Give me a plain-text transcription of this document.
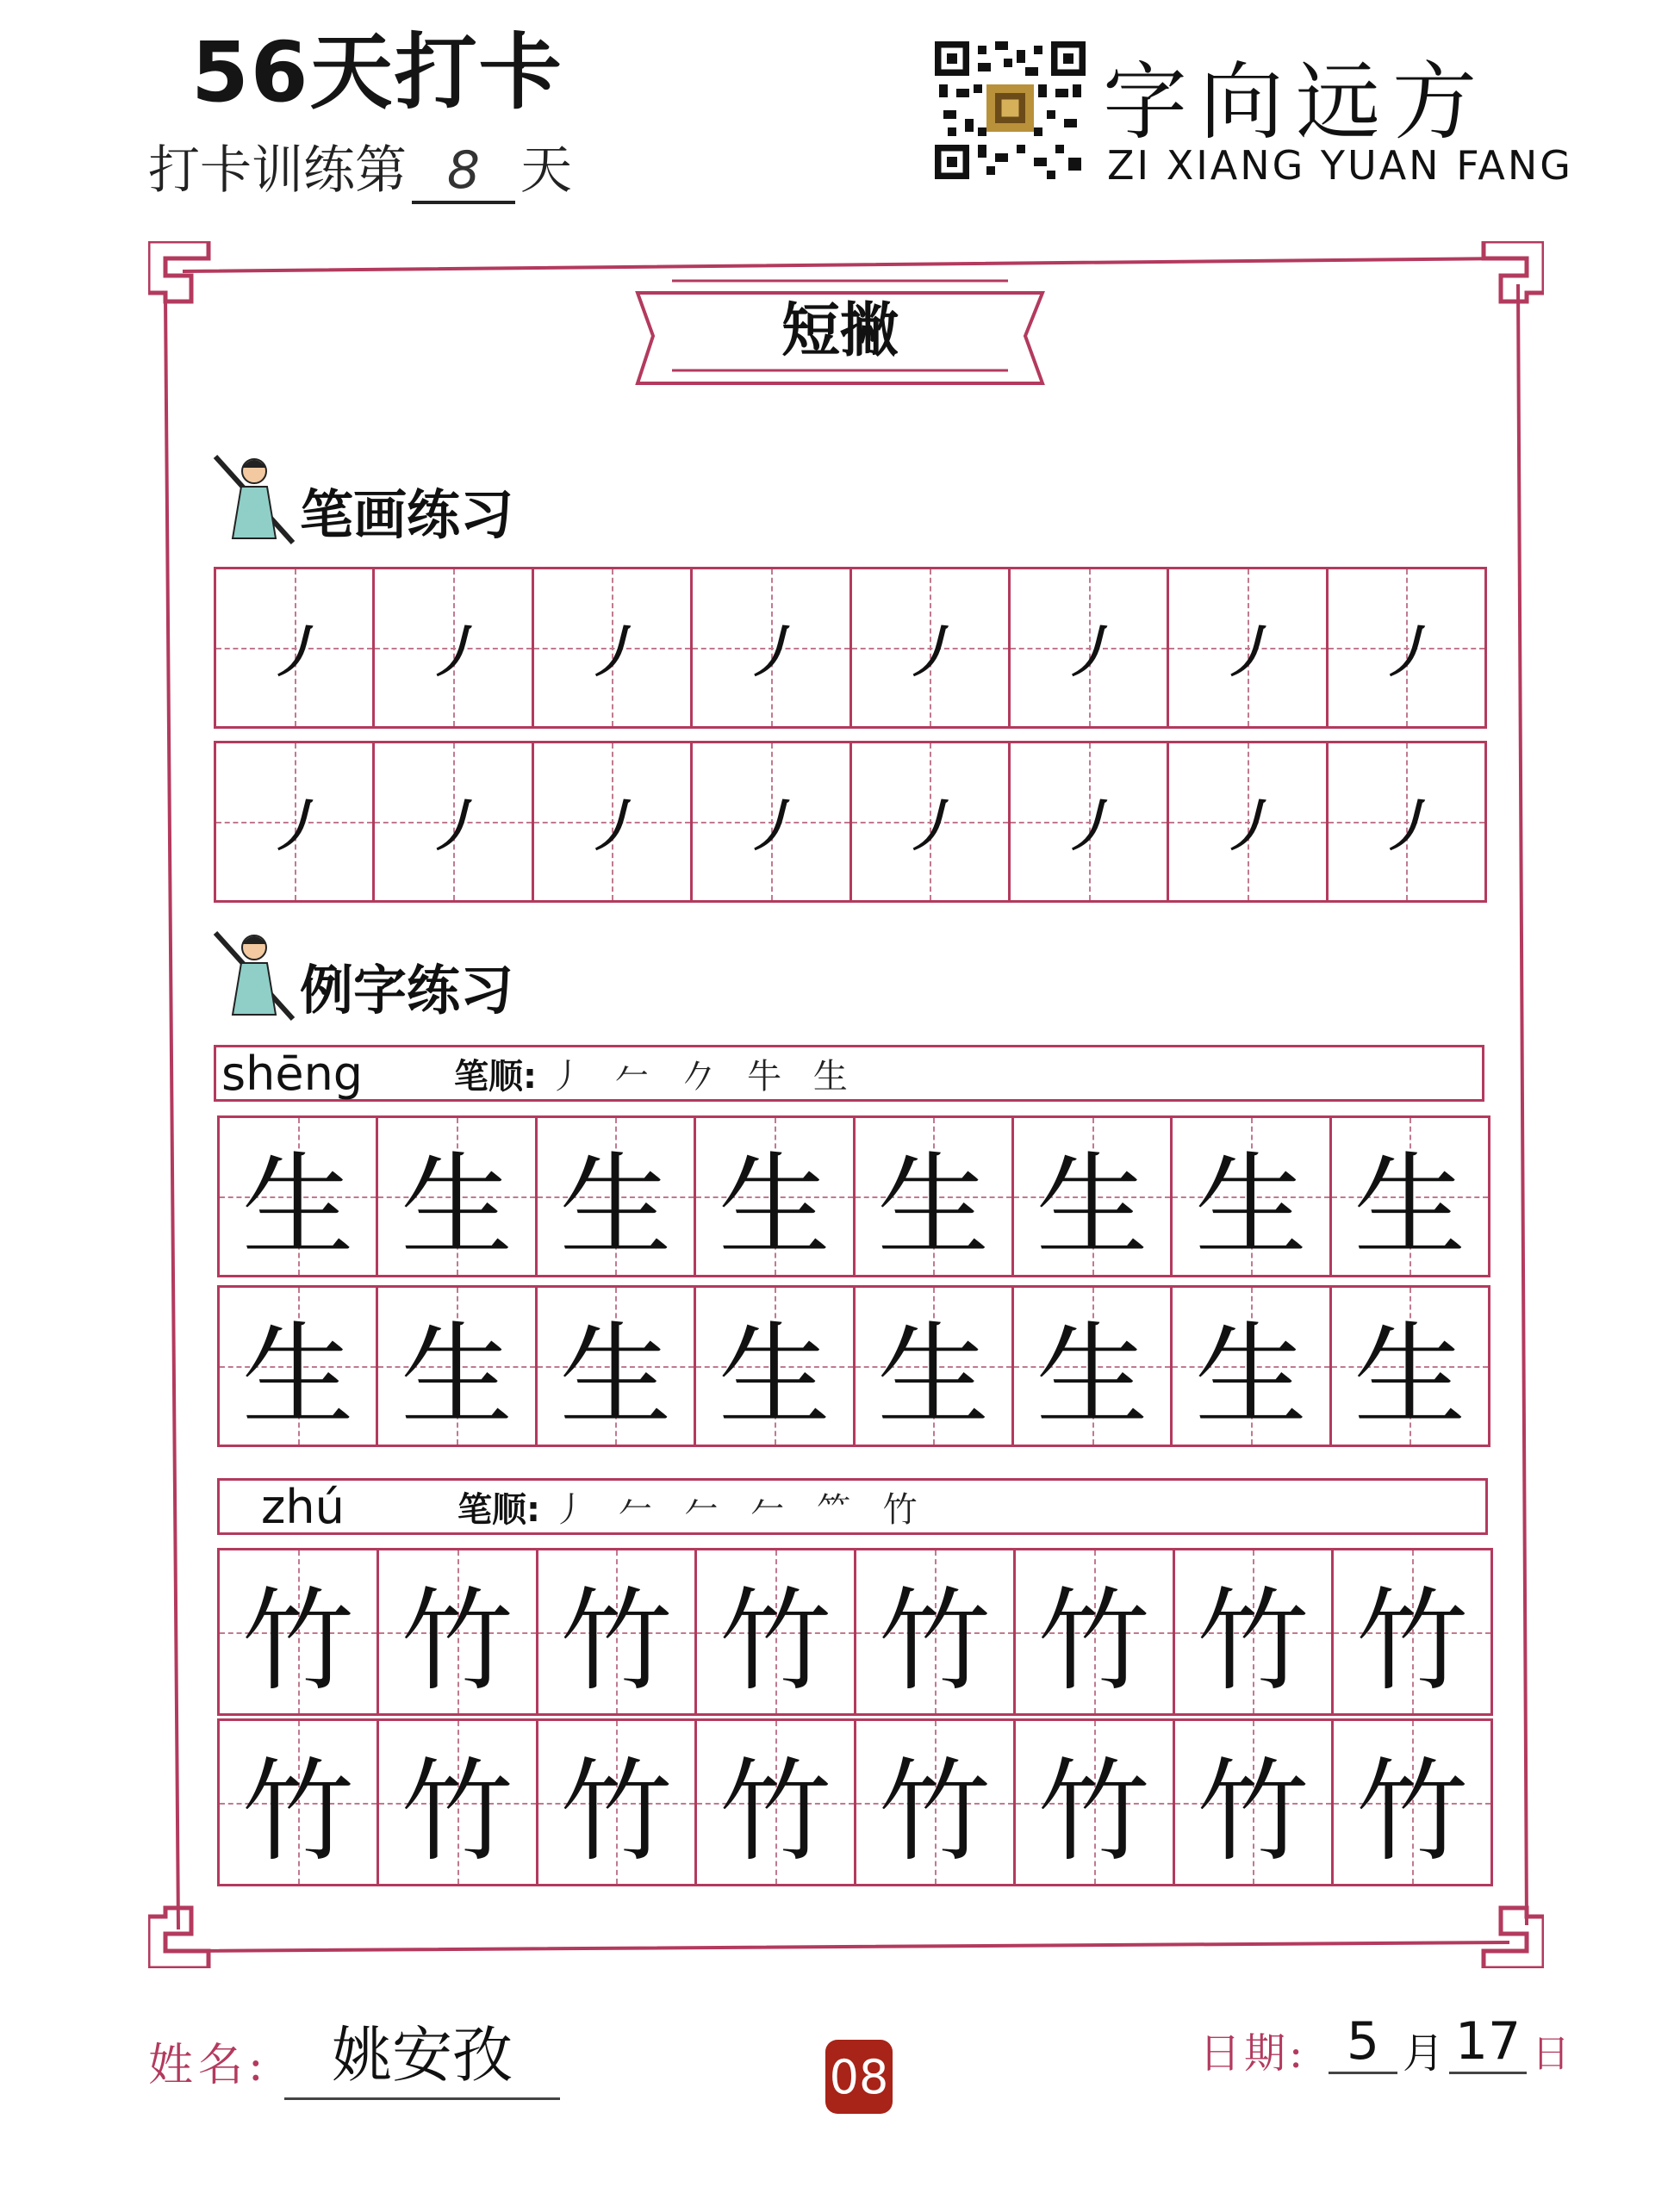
56天打卡
打卡训练第 8 天
字向远方
ZI XIANG YUAN FANG
短撇
笔画练习
丿	丿	丿	丿	丿	丿	丿	丿
丿	丿	丿	丿	丿	丿	丿	丿
例字练习
shēng	笔顺: 丿 𠂉 𠂊 牛 生
生 生 生 生 生 生 生 生
生 生 生 生 生 生 生 生
zhú	笔顺: 丿 𠂉 𠂉 𠂉 ⺮ 竹
竹 竹 竹 竹 竹 竹 竹 竹
竹 竹 竹 竹 竹 竹 竹 竹
姓名:	姚安孜	08	日期: 5 月 17 日
